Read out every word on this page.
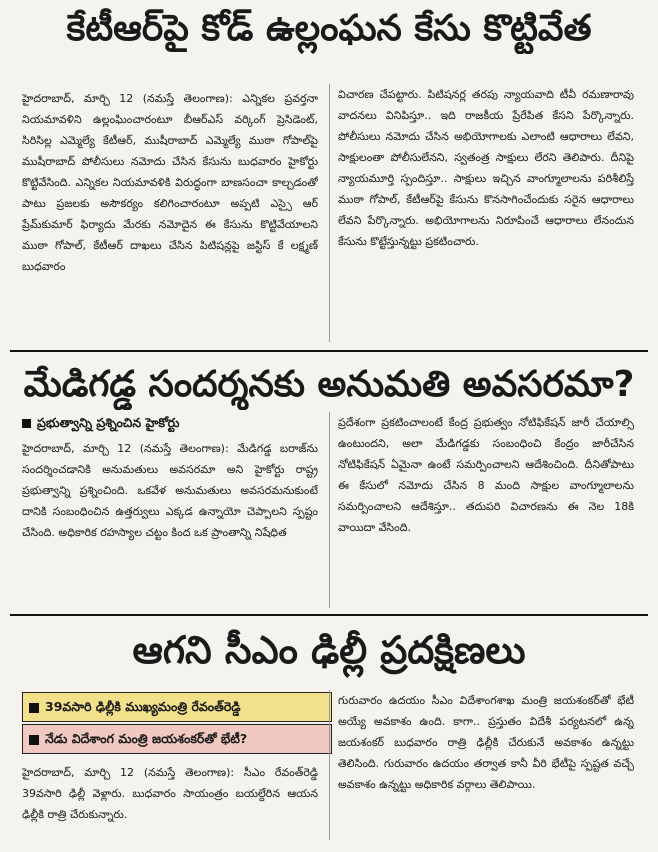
కేటీఆర్‌పై కోడ్ ఉల్లంఘన కేసు కొట్టివేత

హైదరాబాద్, మార్చి 12 (నమస్తే తెలంగాణ): ఎన్నికల ప్రవర్తనా నియమావళిని ఉల్లంఘించారంటూ బీఆర్‌ఎస్ వర్కింగ్ ప్రెసిడెంట్, సిరిసిల్ల ఎమ్మెల్యే కేటీఆర్, ముషీరాబాద్ ఎమ్మెల్యే ముఠా గోపాల్‌పై ముషీరాబాద్ పోలీసులు నమోదు చేసిన కేసును బుధవారం హైకోర్టు కొట్టివేసింది. ఎన్నికల నియమావళికి విరుద్ధంగా బాణసంచా కాల్చడంతో పాటు ప్రజలకు అసౌకర్యం కలిగించారంటూ అప్పటి ఎస్సై ఆర్ ప్రేమ్‌కుమార్ ఫిర్యాదు మేరకు నమోదైన ఈ కేసును కొట్టివేయాలని ముఠా గోపాల్, కేటీఆర్ దాఖలు చేసిన పిటిషన్లపై జస్టిస్ కే లక్ష్మణ్ బుధవారం

విచారణ చేపట్టారు. పిటిషనర్ల తరపు న్యాయవాది టీవీ రమణారావు వాదనలు వినిపిస్తూ.. ఇది రాజకీయ ప్రేరేపిత కేసని పేర్కొన్నారు. పోలీసులు నమోదు చేసిన అభియోగాలకు ఎలాంటి ఆధారాలు లేవని, సాక్షులంతా పోలీసులేనని, స్వతంత్ర సాక్షులు లేరని తెలిపారు. దీనిపై న్యాయమూర్తి స్పందిస్తూ.. సాక్షులు ఇచ్చిన వాంగ్మూలాలను పరిశీలిస్తే ముఠా గోపాల్, కేటీఆర్‌పై కేసును కొనసాగించేందుకు సరైన ఆధారాలు లేవని పేర్కొన్నారు. అభియోగాలను నిరూపించే ఆధారాలు లేనందున కేసును కొట్టేస్తున్నట్టు ప్రకటించారు.

మేడిగడ్డ సందర్శనకు అనుమతి అవసరమా?
ప్రభుత్వాన్ని ప్రశ్నించిన హైకోర్టు

హైదరాబాద్, మార్చి 12 (నమస్తే తెలంగాణ): మేడిగడ్డ బరాజ్‌ను సందర్శించడానికి అనుమతులు అవసరమా అని హైకోర్టు రాష్ట్ర ప్రభుత్వాన్ని ప్రశ్నించింది. ఒకవేళ అనుమతులు అవసరమనుకుంటే దానికి సంబంధించిన ఉత్తర్వులు ఎక్కడ ఉన్నాయో చెప్పాలని స్పష్టం చేసింది. అధికారిక రహస్యాల చట్టం కింద ఒక ప్రాంతాన్ని నిషేధిత

ప్రదేశంగా ప్రకటించాలంటే కేంద్ర ప్రభుత్వం నోటిఫికేషన్ జారీ చేయాల్సి ఉంటుందని, అలా మేడిగడ్డకు సంబంధించి కేంద్రం జారీచేసిన నోటిఫికేషన్ ఏమైనా ఉంటే సమర్పించాలని ఆదేశించింది. దీనితోపాటు ఈ కేసులో నమోదు చేసిన 8 మంది సాక్షుల వాంగ్మూలాలను సమర్పించాలని ఆదేశిస్తూ.. తదుపరి విచారణను ఈ నెల 18కి వాయిదా వేసింది.

ఆగని సీఎం ఢిల్లీ ప్రదక్షిణలు
39వసారి ఢిల్లీకి ముఖ్యమంత్రి రేవంత్‌రెడ్డి
నేడు విదేశాంగ మంత్రి జయశంకర్‌తో భేటీ?

హైదరాబాద్, మార్చి 12 (నమస్తే తెలంగాణ): సీఎం రేవంత్‌రెడ్డి 39వసారి ఢిల్లీ వెళ్లారు. బుధవారం సాయంత్రం బయల్దేరిన ఆయన ఢిల్లీకి రాత్రి చేరుకున్నారు.

గురువారం ఉదయం సీఎం విదేశాంగశాఖ మంత్రి జయశంకర్‌తో భేటీ అయ్యే అవకాశం ఉంది. కాగా.. ప్రస్తుతం విదేశీ పర్యటనలో ఉన్న జయశంకర్ బుధవారం రాత్రి ఢిల్లీకి చేరుకునే అవకాశం ఉన్నట్టు తెలిసింది. గురువారం ఉదయం తర్వాత కానీ వీరి భేటీపై స్పష్టత వచ్చే అవకాశం ఉన్నట్టు అధికారిక వర్గాలు తెలిపాయి.
